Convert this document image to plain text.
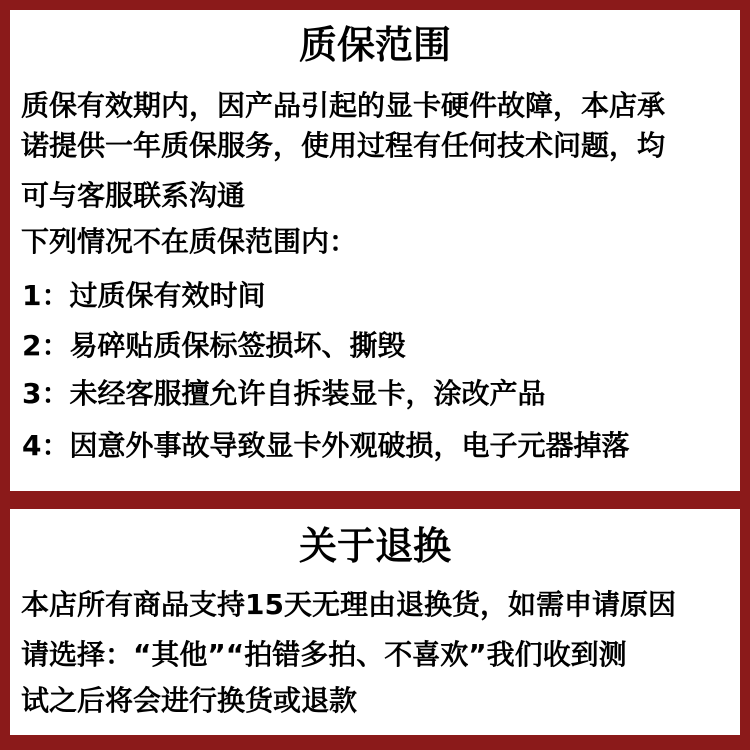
质保范围
质保有效期内，因产品引起的显卡硬件故障，本店承
诺提供一年质保服务，使用过程有任何技术问题，均
可与客服联系沟通
下列情况不在质保范围内：
1：过质保有效时间
2：易碎贴质保标签损坏、撕毁
3：未经客服擅允许自拆装显卡，涂改产品
4：因意外事故导致显卡外观破损，电子元器掉落
关于退换
本店所有商品支持15天无理由退换货，如需申请原因
请选择：“其他”“拍错多拍、不喜欢”我们收到测
试之后将会进行换货或退款
